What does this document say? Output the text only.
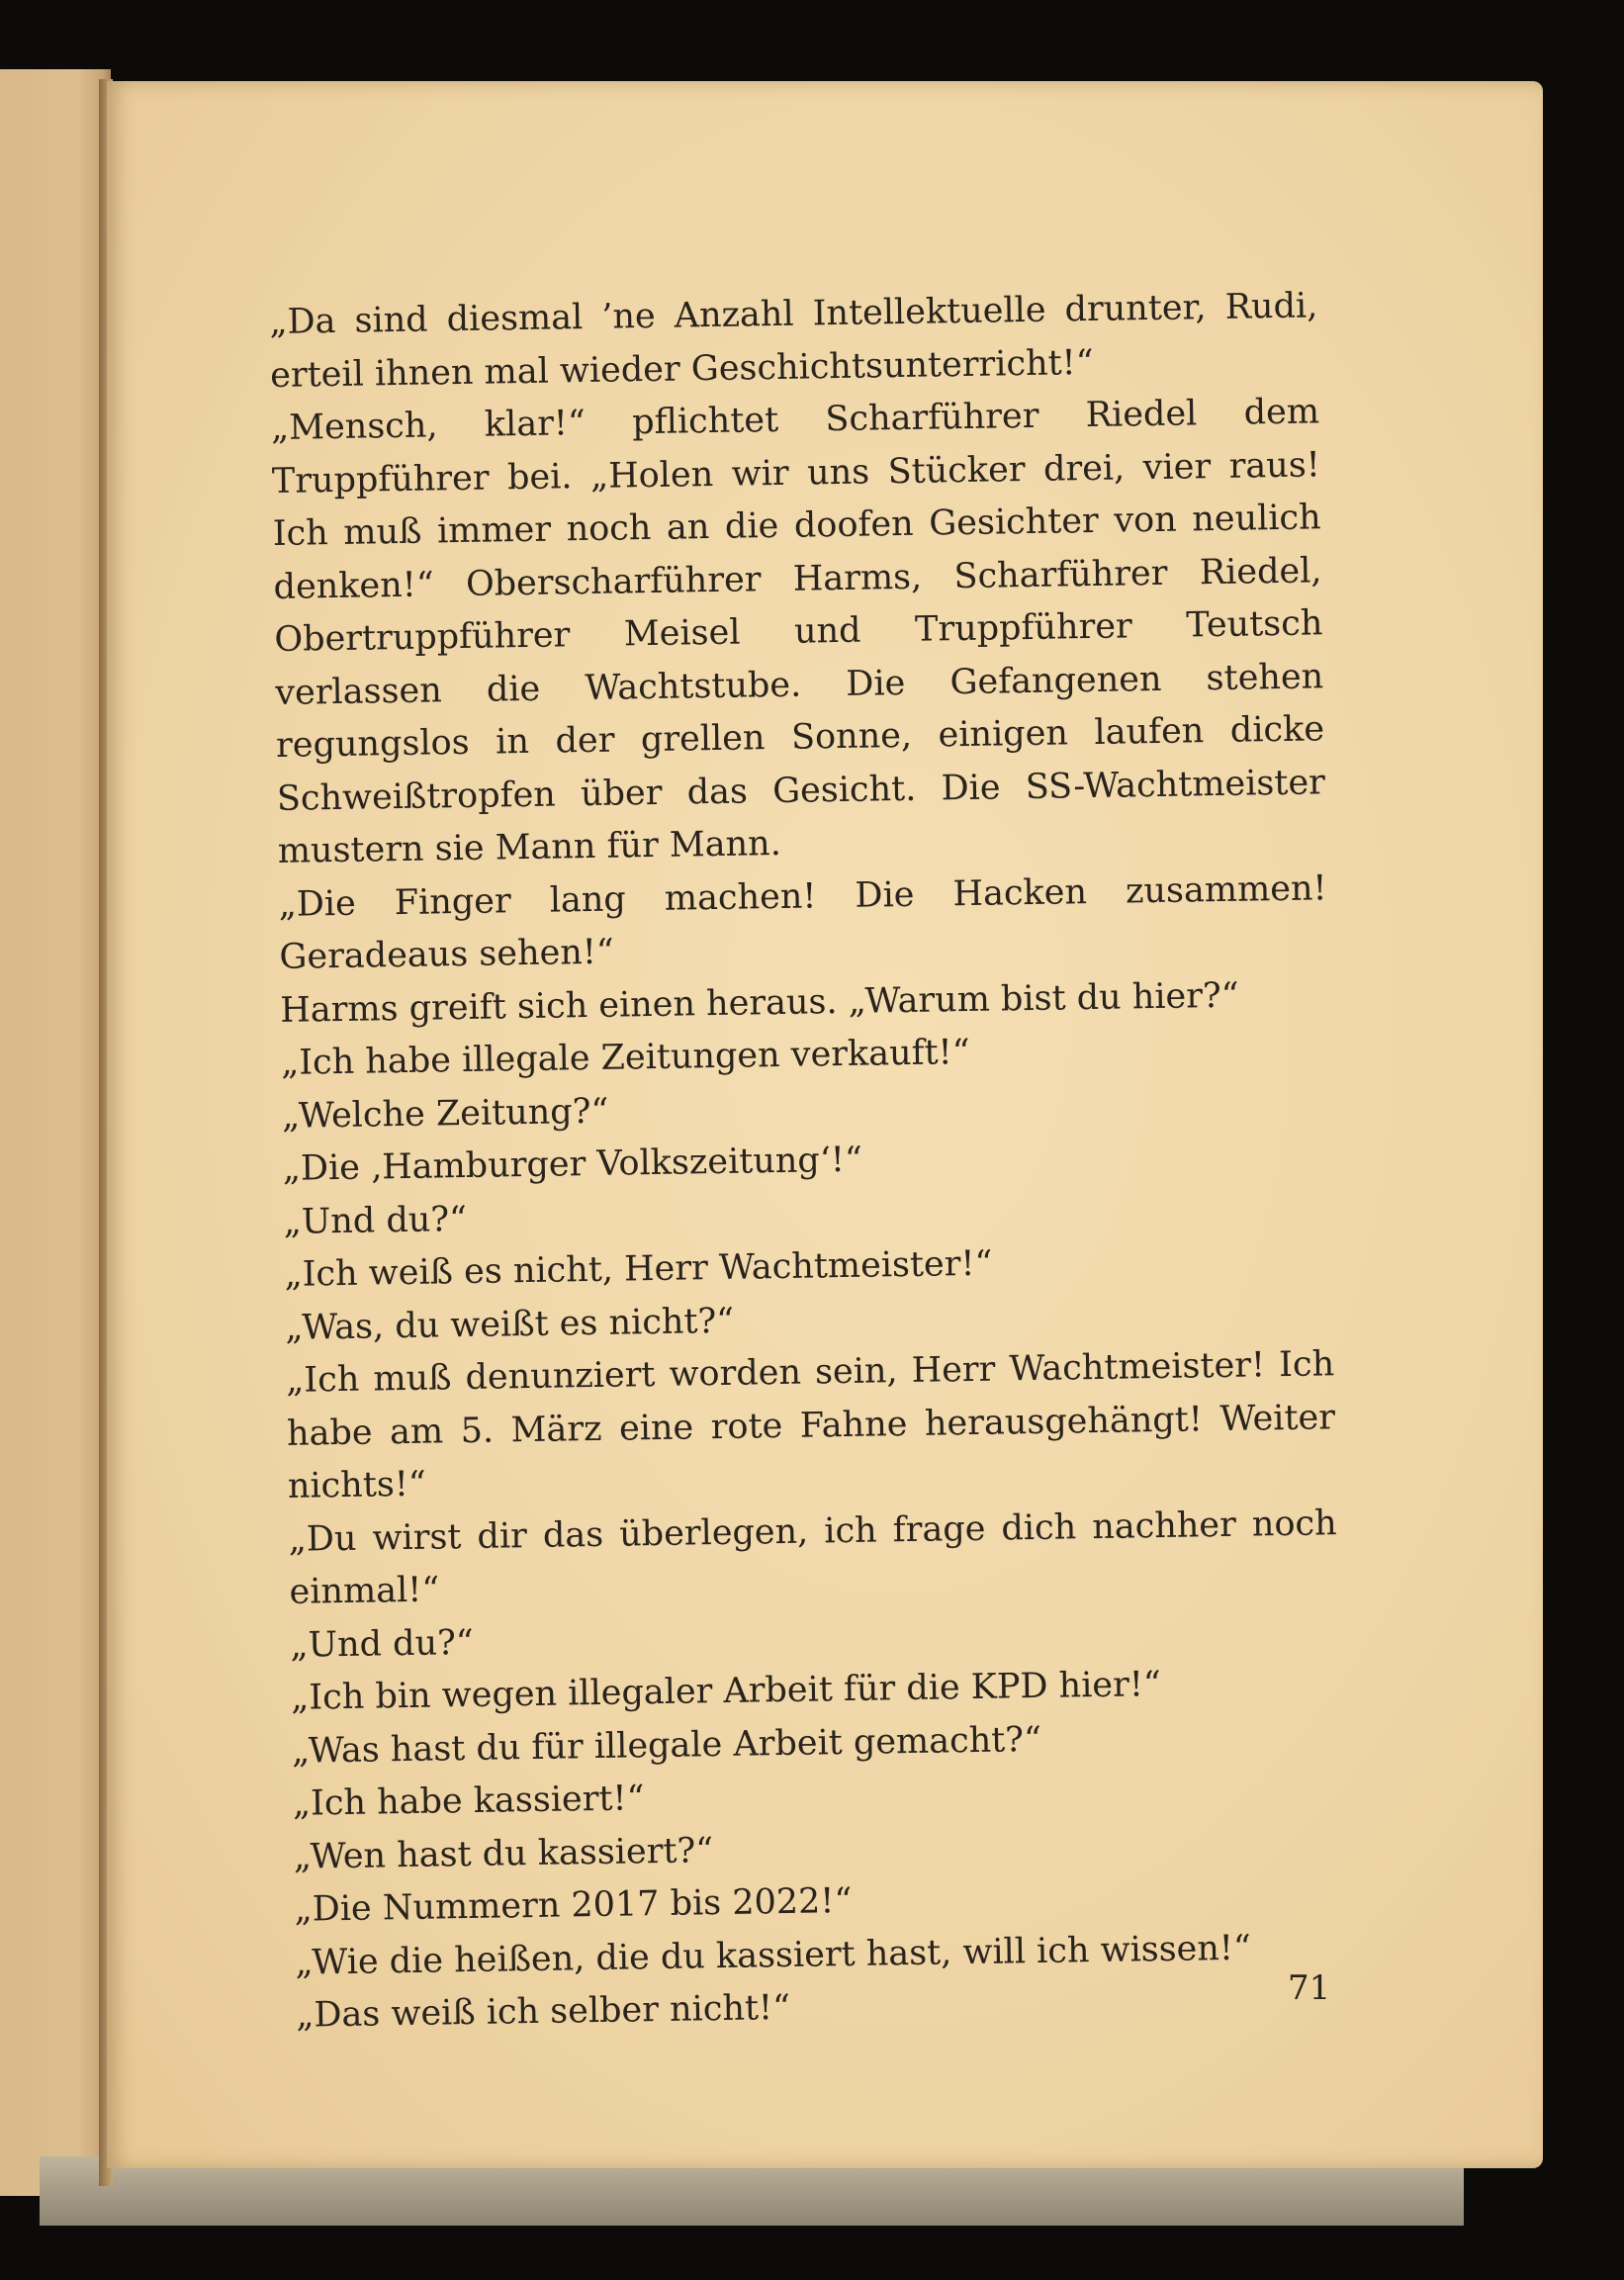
„Da sind diesmal ’ne Anzahl Intellektuelle drunter, Rudi, erteil ihnen mal wieder Geschichtsunterricht!“

„Mensch, klar!“ pflichtet Scharführer Riedel dem Truppführer bei. „Holen wir uns Stücker drei, vier raus! Ich muß immer noch an die doofen Gesichter von neulich denken!“ Oberscharführer Harms, Scharführer Riedel, Obertruppführer Meisel und Truppführer Teutsch verlassen die Wachtstube. Die Gefangenen stehen regungslos in der grellen Sonne, einigen laufen dicke Schweißtropfen über das Gesicht. Die SS-Wachtmeister mustern sie Mann für Mann.

„Die Finger lang machen! Die Hacken zusammen! Geradeaus sehen!“

Harms greift sich einen heraus. „Warum bist du hier?“

„Ich habe illegale Zeitungen verkauft!“

„Welche Zeitung?“

„Die ‚Hamburger Volkszeitung‘!“

„Und du?“

„Ich weiß es nicht, Herr Wachtmeister!“

„Was, du weißt es nicht?“

„Ich muß denunziert worden sein, Herr Wachtmeister! Ich habe am 5. März eine rote Fahne herausgehängt! Weiter nichts!“

„Du wirst dir das überlegen, ich frage dich nachher noch einmal!“

„Und du?“

„Ich bin wegen illegaler Arbeit für die KPD hier!“

„Was hast du für illegale Arbeit gemacht?“

„Ich habe kassiert!“

„Wen hast du kassiert?“

„Die Nummern 2017 bis 2022!“

„Wie die heißen, die du kassiert hast, will ich wissen!“

„Das weiß ich selber nicht!“	71
